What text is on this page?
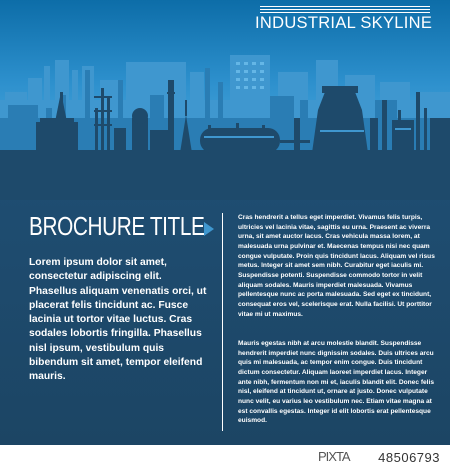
INDUSTRIAL SKYLINE
BROCHURE TITLE
Lorem ipsum dolor sit amet, consectetur adipiscing elit. Phasellus aliquam venenatis orci, ut placerat felis tincidunt ac. Fusce lacinia ut tortor vitae luctus. Cras sodales lobortis fringilla. Phasellus nisl ipsum, vestibulum quis bibendum sit amet, tempor eleifend mauris.

Cras hendrerit a tellus eget imperdiet. Vivamus felis turpis, ultricies vel lacinia vitae, sagittis eu urna. Praesent ac viverra urna, sit amet auctor lacus. Cras vehicula massa lorem, at malesuada urna pulvinar et. Maecenas tempus nisi nec quam congue vulputate. Proin quis tincidunt lacus. Aliquam vel risus metus. Integer sit amet sem nibh. Curabitur eget iaculis mi. Suspendisse potenti. Suspendisse commodo tortor in velit aliquam sodales. Mauris imperdiet malesuada. Vivamus pellentesque nunc ac porta malesuada. Sed eget ex tincidunt, consequat eros vel, scelerisque erat. Nulla facilisi. Ut porttitor vitae mi ut maximus.

Mauris egestas nibh at arcu molestie blandit. Suspendisse hendrerit imperdiet nunc dignissim sodales. Duis ultrices arcu quis mi malesuada, ac tempor enim congue. Duis tincidunt dictum consectetur. Aliquam laoreet imperdiet lacus. Integer ante nibh, fermentum non mi et, iaculis blandit elit. Donec felis nisl, eleifend at tincidunt ut, ornare at justo. Donec vulputate nunc velit, eu varius leo vestibulum nec. Etiam vitae magna at est convallis egestas. Integer id elit lobortis erat pellentesque euismod.

PIXTA 48506793
